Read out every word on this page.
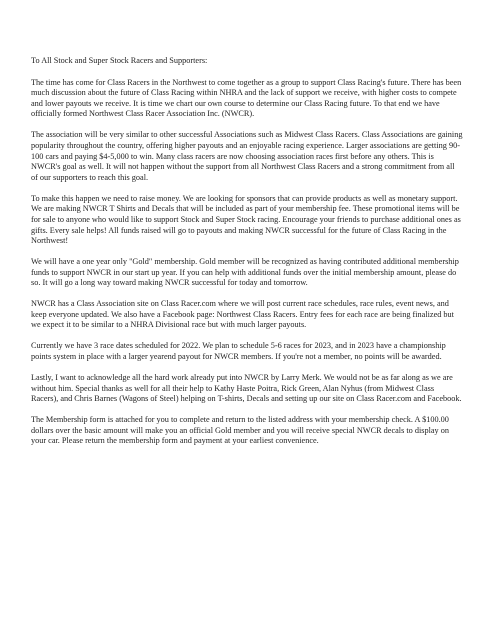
To All Stock and Super Stock Racers and Supporters:

The time has come for Class Racers in the Northwest to come together as a group to support Class Racing's future. There has been much discussion about the future of Class Racing within NHRA and the lack of support we receive, with higher costs to compete and lower payouts we receive. It is time we chart our own course to determine our Class Racing future. To that end we have officially formed Northwest Class Racer Association Inc. (NWCR).

The association will be very similar to other successful Associations such as Midwest Class Racers. Class Associations are gaining popularity throughout the country, offering higher payouts and an enjoyable racing experience. Larger associations are getting 90-100 cars and paying $4-5,000 to win. Many class racers are now choosing association races first before any others. This is NWCR's goal as well. It will not happen without the support from all Northwest Class Racers and a strong commitment from all of our supporters to reach this goal.

To make this happen we need to raise money. We are looking for sponsors that can provide products as well as monetary support. We are making NWCR T Shirts and Decals that will be included as part of your membership fee. These promotional items will be for sale to anyone who would like to support Stock and Super Stock racing. Encourage your friends to purchase additional ones as gifts. Every sale helps! All funds raised will go to payouts and making NWCR successful for the future of Class Racing in the Northwest!

We will have a one year only "Gold" membership. Gold member will be recognized as having contributed additional membership funds to support NWCR in our start up year. If you can help with additional funds over the initial membership amount, please do so. It will go a long way toward making NWCR successful for today and tomorrow.

NWCR has a Class Association site on Class Racer.com where we will post current race schedules, race rules, event news, and keep everyone updated. We also have a Facebook page: Northwest Class Racers. Entry fees for each race are being finalized but we expect it to be similar to a NHRA Divisional race but with much larger payouts.

Currently we have 3 race dates scheduled for 2022. We plan to schedule 5-6 races for 2023, and in 2023 have a championship points system in place with a larger yearend payout for NWCR members. If you're not a member, no points will be awarded.

Lastly, I want to acknowledge all the hard work already put into NWCR by Larry Merk. We would not be as far along as we are without him. Special thanks as well for all their help to Kathy Haste Poitra, Rick Green, Alan Nyhus (from Midwest Class Racers), and Chris Barnes (Wagons of Steel) helping on T-shirts, Decals and setting up our site on Class Racer.com and Facebook.

The Membership form is attached for you to complete and return to the listed address with your membership check. A $100.00 dollars over the basic amount will make you an official Gold member and you will receive special NWCR decals to display on your car. Please return the membership form and payment at your earliest convenience.
